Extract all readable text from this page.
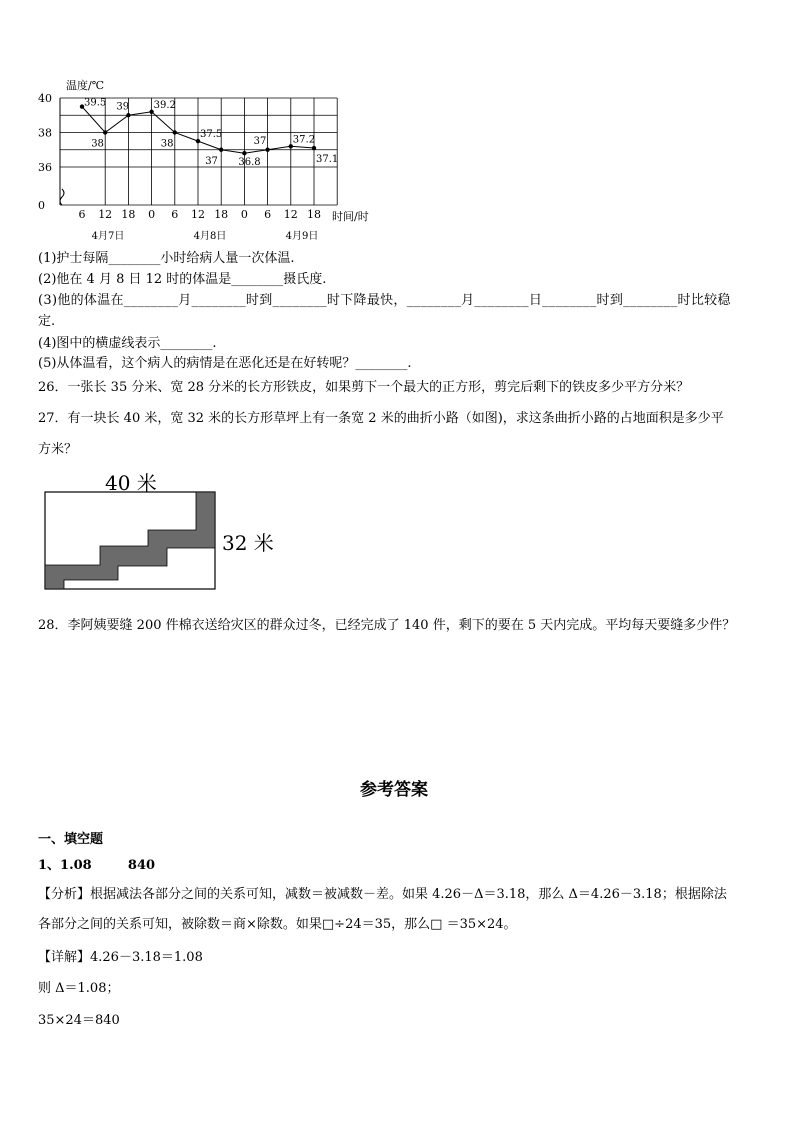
温度/℃
时间/时
40
38
36
0
6 12 18 0 6 12 18 0 6 12 18
4月7日	4月8日	4月9日
39.5
38
39 39.2
38
37.5
37 36.8
37	37.2
37.1
(1)护士每隔________小时给病人量一次体温.
(2)他在 4 月 8 日 12 时的体温是________摄氏度.
(3)他的体温在________月________时到________时下降最快，________月________日________时到________时比较稳
定.
(4)图中的横虚线表示________.
(5)从体温看，这个病人的病情是在恶化还是在好转呢？________.
26．一张长 35 分米、宽 28 分米的长方形铁皮，如果剪下一个最大的正方形，剪完后剩下的铁皮多少平方分米？
27．有一块长 40 米，宽 32 米的长方形草坪上有一条宽 2 米的曲折小路（如图)，求这条曲折小路的占地面积是多少平
方米？
40 米
32 米
28．李阿姨要缝 200 件棉衣送给灾区的群众过冬，已经完成了 140 件，剩下的要在 5 天内完成。平均每天要缝多少件？
参考答案
一、填空题
1、1.08        840
【分析】根据减法各部分之间的关系可知，减数＝被减数－差。如果 4.26－Δ＝3.18，那么 Δ＝4.26－3.18；根据除法
各部分之间的关系可知，被除数＝商×除数。如果□÷24＝35，那么□ ＝35×24。
【详解】4.26－3.18＝1.08
则 Δ＝1.08；
35×24＝840
